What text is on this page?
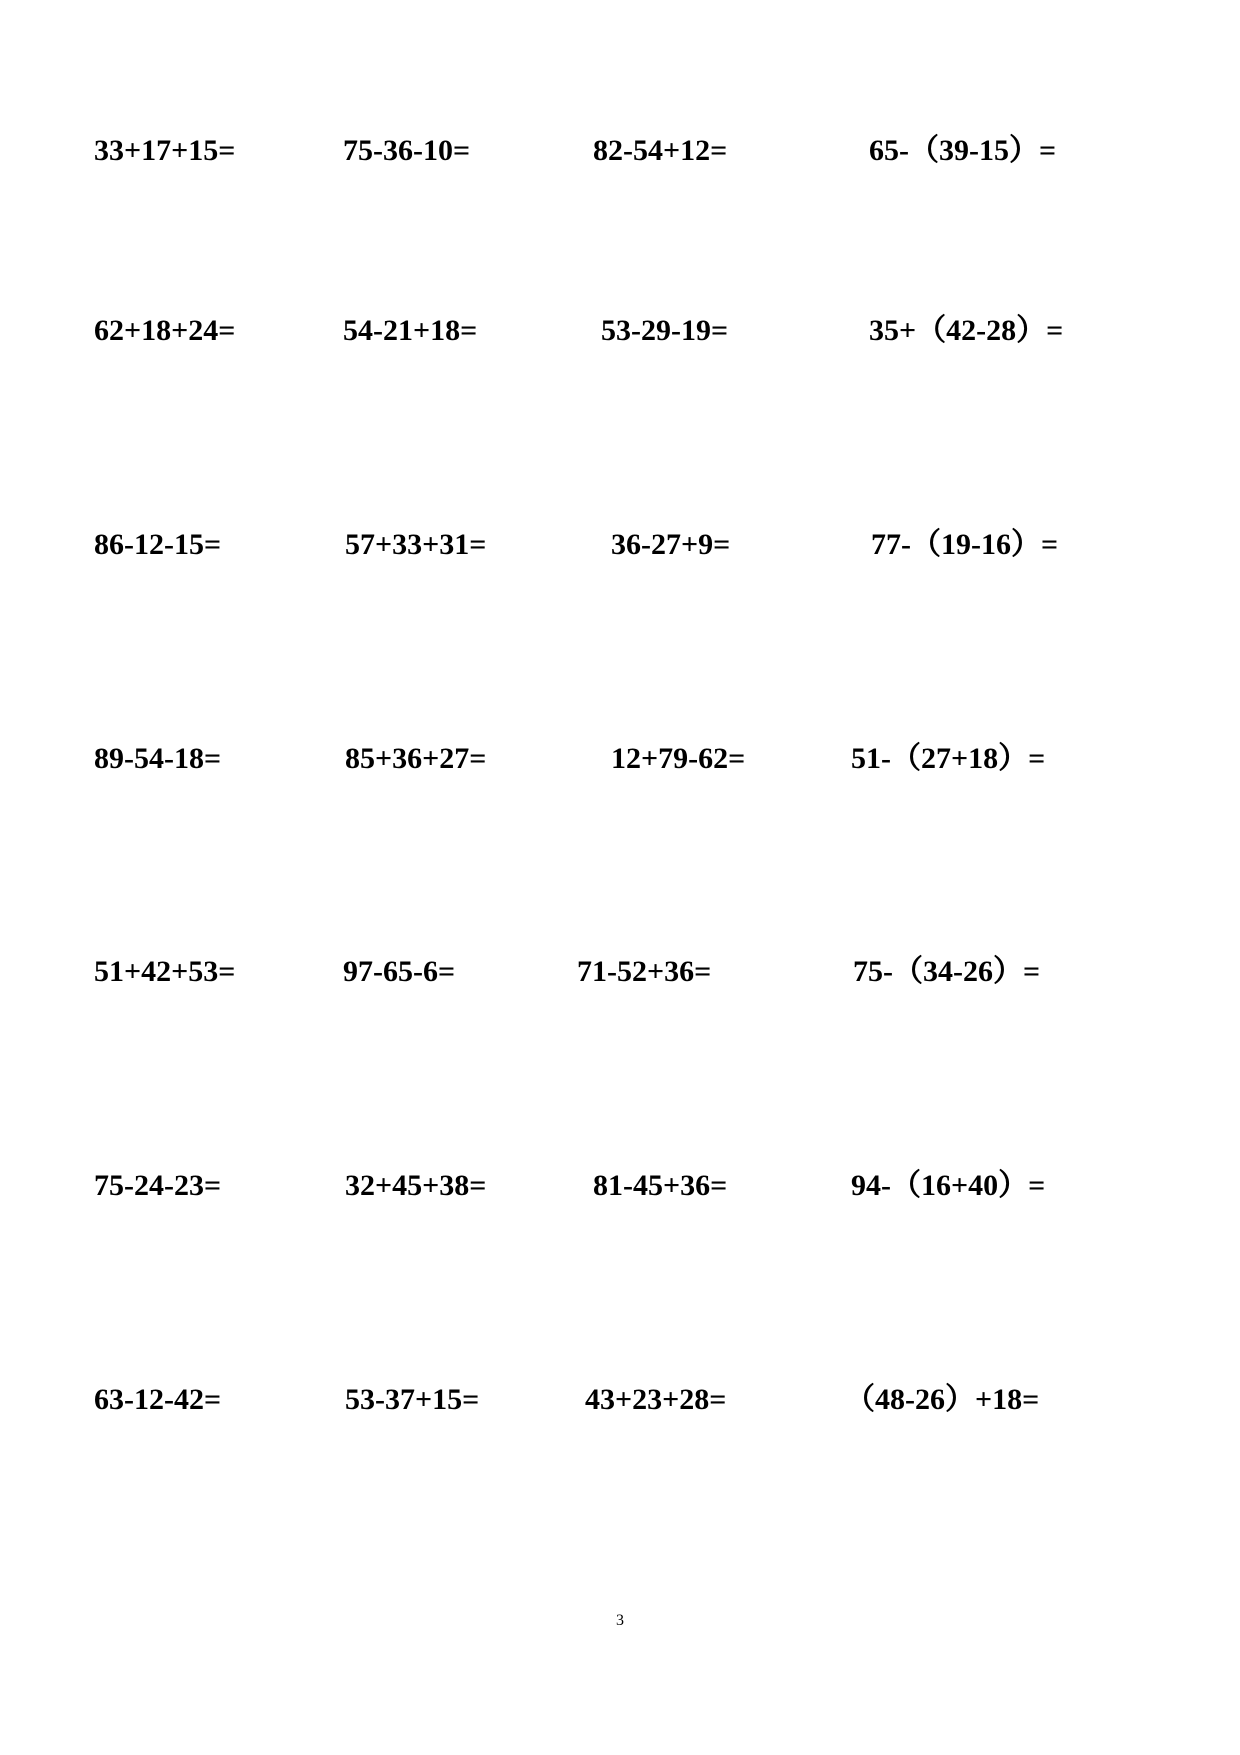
33+17+15=	75-36-10=	82-54+12=	65-（39-15）=
62+18+24=	54-21+18=	53-29-19=	35+（42-28）=
86-12-15=	57+33+31=	36-27+9=	77-（19-16）=
89-54-18=	85+36+27=	12+79-62=	51-（27+18）=
51+42+53=	97-65-6=	71-52+36=	75-（34-26）=
75-24-23=	32+45+38=	81-45+36=	94-（16+40）=
63-12-42=	53-37+15=	43+23+28=	（48-26）+18=
3
